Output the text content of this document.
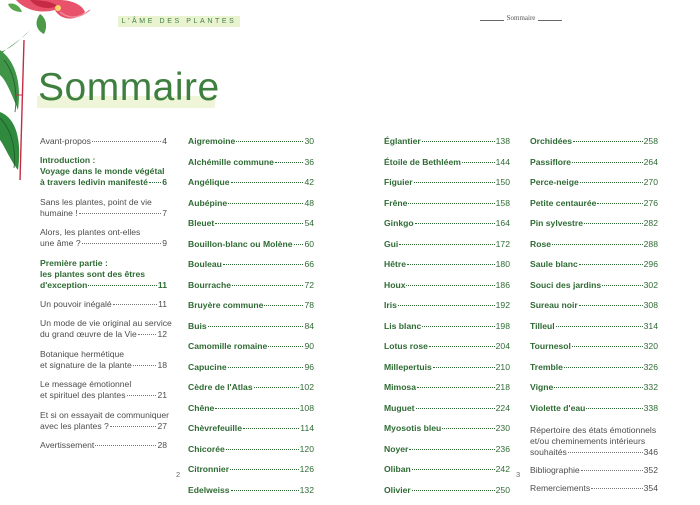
L'ÂME DES PLANTES	Sommaire
Sommaire
Avant-propos	4
Introduction :
Voyage dans le monde végétal
à travers ledivin manifesté 6
Sans les plantes, point de vie
humaine !	7
Alors, les plantes ont-elles
une âme ?	9
Première partie :
les plantes sont des êtres
d'exception	11
Un pouvoir inégalé	11
Un mode de vie original au service
du grand œuvre de la Vie 12
Botanique hermétique
et signature de la plante	18
Le message émotionnel
et spirituel des plantes	21
Et si on essayait de communiquer
avec les plantes ?	27
Avertissement	28
Aigremoine	30
Alchémille commune	36
Angélique	42
Aubépine	48
Bleuet	54
Bouillon-blanc ou Molène 60
Bouleau	66
Bourrache	72
Bruyère commune	78
Buis	84
Camomille romaine	90
Capucine	96
Cèdre de l'Atlas	102
Chêne	108
Chèvrefeuille	114
Chicorée	120
Citronnier	126
Edelweiss	132
Églantier	138
Étoile de Bethléem	144
Figuier	150
Frêne	158
Ginkgo	164
Gui	172
Hêtre	180
Houx	186
Iris	192
Lis blanc	198
Lotus rose	204
Millepertuis	210
Mimosa	218
Muguet	224
Myosotis bleu	230
Noyer	236
Oliban	242
Olivier	250
Orchidées	258
Passiflore	264
Perce-neige	270
Petite centaurée	276
Pin sylvestre	282
Rose	288
Saule blanc	296
Souci des jardins	302
Sureau noir	308
Tilleul	314
Tournesol	320
Tremble	326
Vigne	332
Violette d'eau	338
Répertoire des états émotionnels
et/ou cheminements intérieurs
souhaités	346
Bibliographie	352
Remerciements	354
2	3
